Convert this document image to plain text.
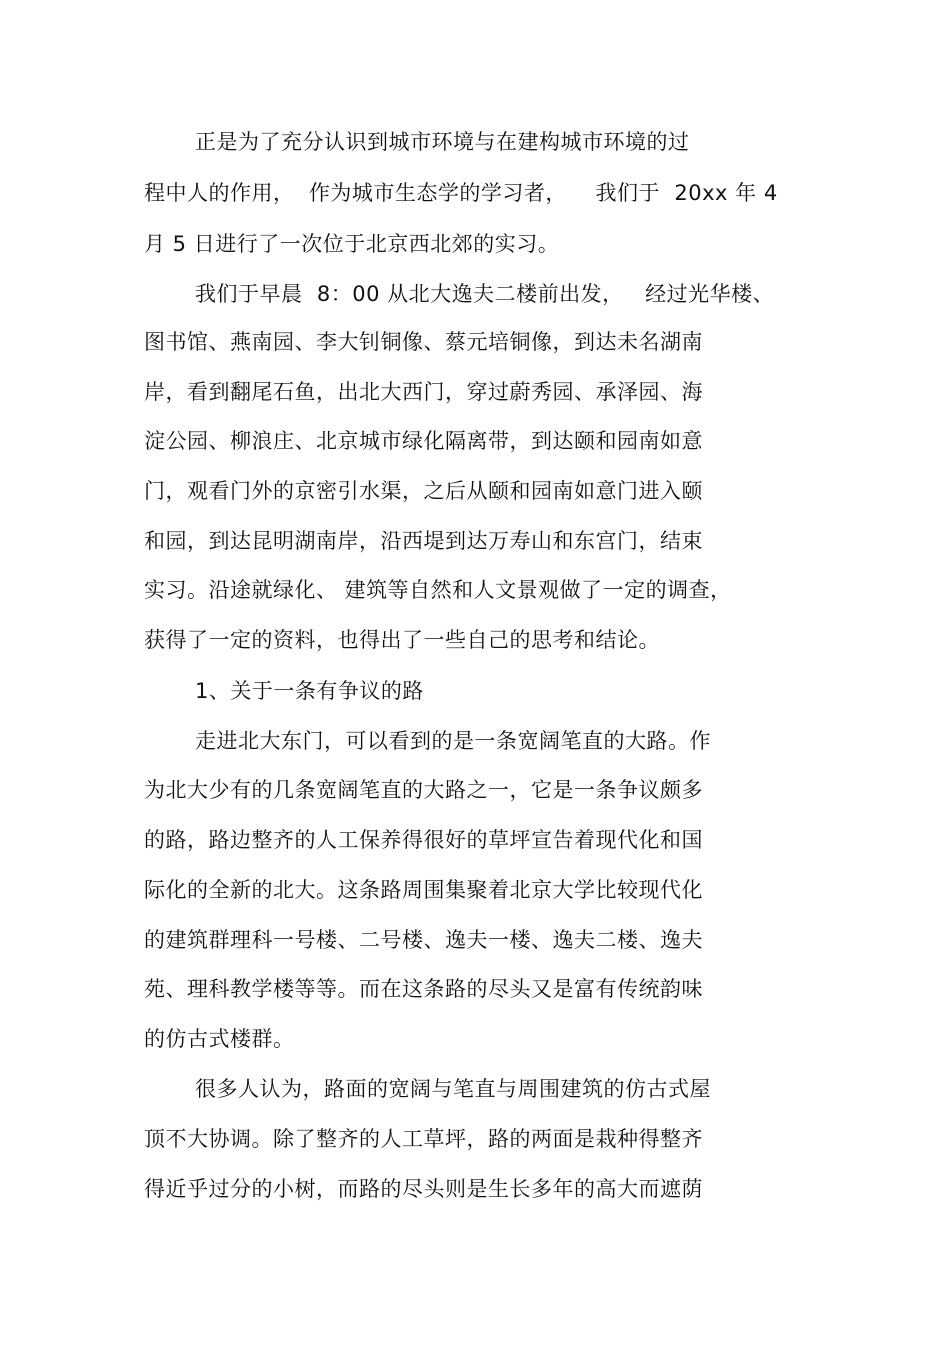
正是为了充分认识到城市环境与在建构城市环境的过
程中人的作用，  作为城市生态学的学习者，    我们于  20xx 年 4
月 5 日进行了一次位于北京西北郊的实习。
我们于早晨  8：00 从北大逸夫二楼前出发，   经过光华楼、
图书馆、燕南园、李大钊铜像、蔡元培铜像，到达未名湖南
岸，看到翻尾石鱼，出北大西门，穿过蔚秀园、承泽园、海
淀公园、柳浪庄、北京城市绿化隔离带，到达颐和园南如意
门，观看门外的京密引水渠，之后从颐和园南如意门进入颐
和园，到达昆明湖南岸，沿西堤到达万寿山和东宫门，结束
实习。沿途就绿化、 建筑等自然和人文景观做了一定的调查，
获得了一定的资料，也得出了一些自己的思考和结论。
1、关于一条有争议的路
走进北大东门，可以看到的是一条宽阔笔直的大路。作
为北大少有的几条宽阔笔直的大路之一，它是一条争议颇多
的路，路边整齐的人工保养得很好的草坪宣告着现代化和国
际化的全新的北大。这条路周围集聚着北京大学比较现代化
的建筑群理科一号楼、二号楼、逸夫一楼、逸夫二楼、逸夫
苑、理科教学楼等等。而在这条路的尽头又是富有传统韵味
的仿古式楼群。
很多人认为，路面的宽阔与笔直与周围建筑的仿古式屋
顶不大协调。除了整齐的人工草坪，路的两面是栽种得整齐
得近乎过分的小树，而路的尽头则是生长多年的高大而遮荫
